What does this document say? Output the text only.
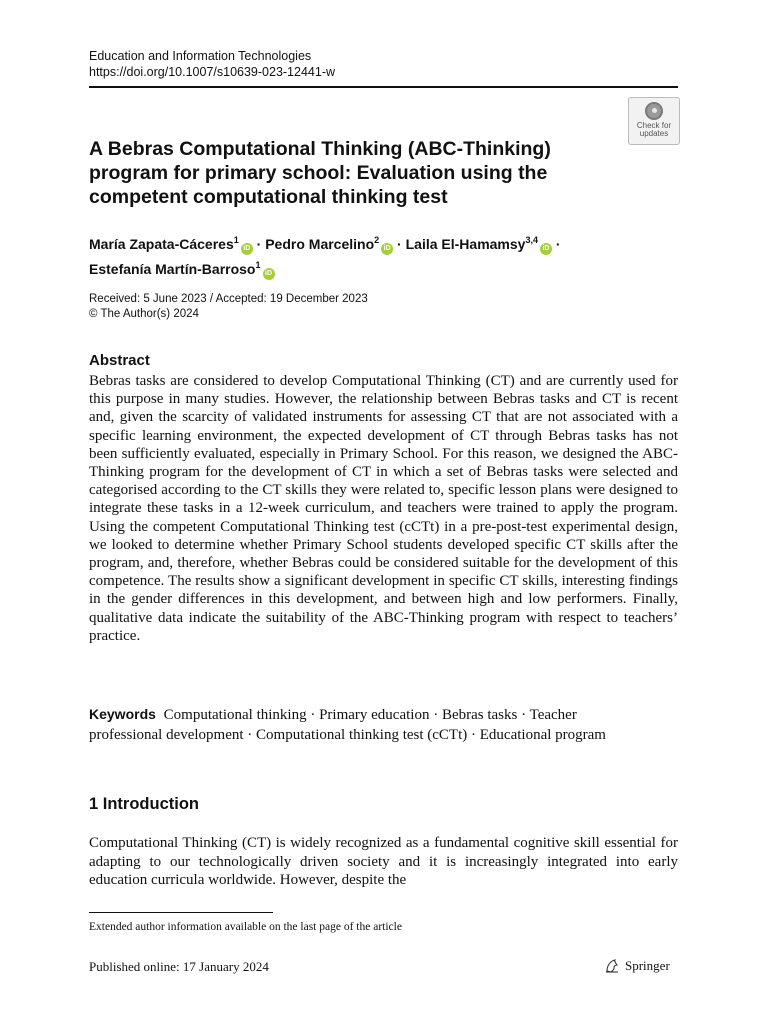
Education and Information Technologies
https://doi.org/10.1007/s10639-023-12441-w
Check for
updates
A Bebras Computational Thinking (ABC-Thinking) program for primary school: Evaluation using the competent computational thinking test
María Zapata-Cáceres$^1$iD · Pedro Marcelino$^2$iD · Laila El-Hamamsy$^{3,4}$iD ·
Estefanía Martín-Barroso$^1$iD
Received: 5 June 2023 / Accepted: 19 December 2023
© The Author(s) 2024
Abstract

Bebras tasks are considered to develop Computational Thinking (CT) and are currently used for this purpose in many studies. However, the relationship between Bebras tasks and CT is recent and, given the scarcity of validated instruments for assessing CT that are not associated with a specific learning environment, the expected development of CT through Bebras tasks has not been sufficiently evaluated, especially in Primary School. For this reason, we designed the ABC-Thinking program for the development of CT in which a set of Bebras tasks were selected and categorised according to the CT skills they were related to, specific lesson plans were designed to integrate these tasks in a 12-week curriculum, and teachers were trained to apply the program. Using the competent Computational Thinking test (cCTt) in a pre-post-test experimental design, we looked to determine whether Primary School students developed specific CT skills after the program, and, therefore, whether Bebras could be considered suitable for the development of this competence. The results show a significant development in specific CT skills, interesting findings in the gender differences in this development, and between high and low performers. Finally, qualitative data indicate the suitability of the ABC-Thinking program with respect to teachers’ practice.

Keywords Computational thinking · Primary education · Bebras tasks · Teacher professional development · Computational thinking test (cCTt) · Educational program
1 Introduction

Computational Thinking (CT) is widely recognized as a fundamental cognitive skill essential for adapting to our technologically driven society and it is increasingly integrated into early education curricula worldwide. However, despite the

Extended author information available on the last page of the article
Published online: 17 January 2024	Springer
